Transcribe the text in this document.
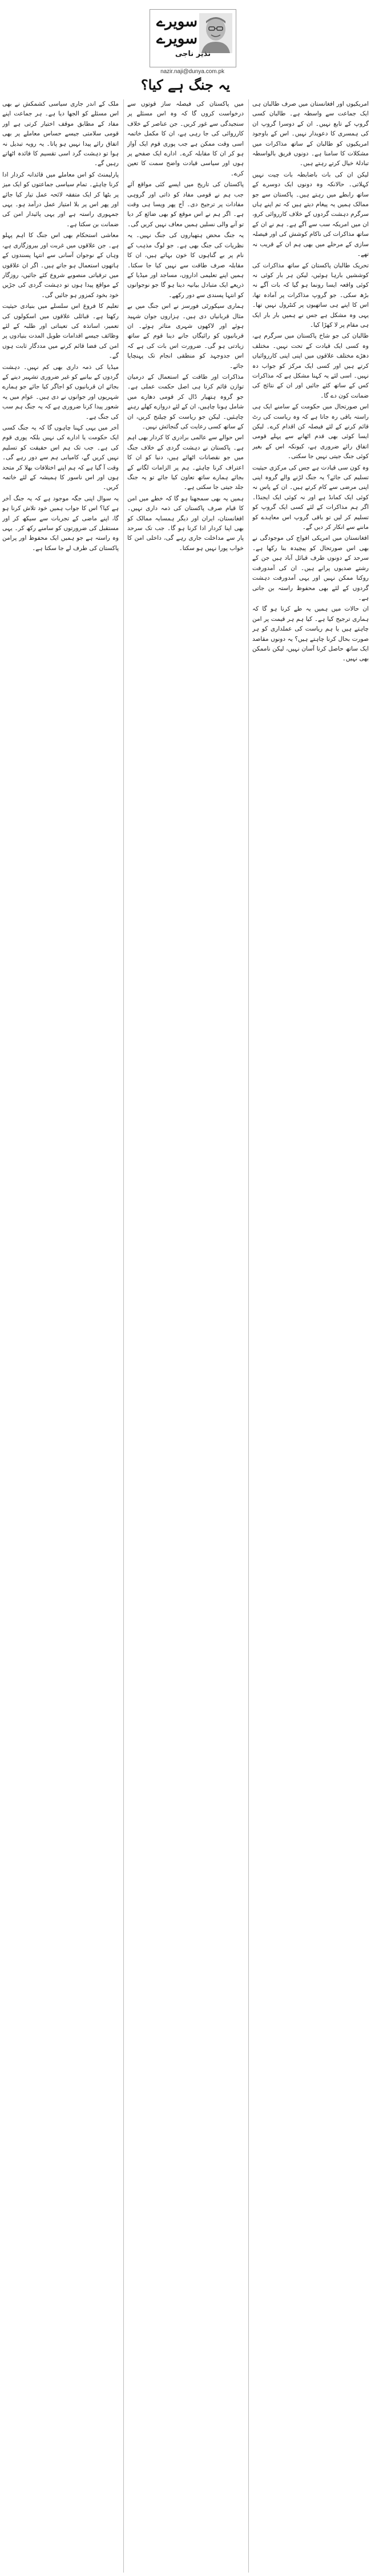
سویرے سویرے
نذیر ناجی
nazir.naji@dunya.com.pk
یہ جنگ ہے کیا؟

امریکیوں اور افغانستان میں صرف طالبان ہی ایک جماعت سے واسطہ ہے۔ طالبان کسی گروپ کے تابع نہیں۔ ان کے دوسرا گروپ ان کی ہمسری کا دعویدار نہیں۔ اس کے باوجود امریکیوں کو طالبان کے ساتھ مذاکرات میں مشکلات کا سامنا ہے۔ دونوں فریق بالواسطہ تبادلۂ خیال کرتے رہتے ہیں۔

لیکن ان کی بات باضابطہ بات چیت نہیں کہلاتی۔ حالانکہ وہ دونوں ایک دوسرے کے ساتھ رابطے میں رہتے ہیں۔ پاکستان سے جو ممالک ہمیں یہ پیغام دیتے ہیں کہ تم اپنے ہاں سرگرم دہشت گردوں کے خلاف کارروائی کرو، ان میں امریکہ سب سے آگے ہے۔ ہم نے ان کے ساتھ مذاکرات کی ناکام کوشش کی اور فیصلہ سازی کے مرحلے میں بھی ہم ان کے قریب نہ تھے۔

تحریک طالبان پاکستان کے ساتھ مذاکرات کی کوششیں بارہا ہوئیں، لیکن ہر بار کوئی نہ کوئی واقعہ ایسا رونما ہو گیا کہ بات آگے نہ بڑھ سکی۔ جو گروپ مذاکرات پر آمادہ تھا، اس کا اپنے ہی ساتھیوں پر کنٹرول نہیں تھا۔ یہی وہ مشکل ہے جس نے ہمیں بار بار ایک ہی مقام پر لا کھڑا کیا۔

طالبان کی جو شاخ پاکستان میں سرگرم ہے، وہ کسی ایک قیادت کے تحت نہیں۔ مختلف دھڑے مختلف علاقوں میں اپنی اپنی کارروائیاں کرتے ہیں اور کسی ایک مرکز کو جواب دہ نہیں۔ اسی لئے یہ کہنا مشکل ہے کہ مذاکرات کس کے ساتھ کئے جائیں اور ان کے نتائج کی ضمانت کون دے گا۔

اس صورتحال میں حکومت کے سامنے ایک ہی راستہ باقی رہ جاتا ہے کہ وہ ریاست کی رٹ قائم کرنے کے لئے فیصلہ کن اقدام کرے۔ لیکن ایسا کوئی بھی قدم اٹھانے سے پہلے قومی اتفاق رائے ضروری ہے، کیونکہ اس کے بغیر کوئی جنگ جیتی نہیں جا سکتی۔

وہ کون سی قیادت ہے جس کی مرکزی حیثیت تسلیم کی جائے؟ یہ جنگ لڑنے والے گروہ اپنی اپنی مرضی سے کام کرتے ہیں۔ ان کے پاس نہ کوئی ایک کمانڈ ہے اور نہ کوئی ایک ایجنڈا۔ اگر ہم مذاکرات کے لئے کسی ایک گروپ کو تسلیم کر لیں تو باقی گروپ اس معاہدے کو ماننے سے انکار کر دیں گے۔

افغانستان میں امریکی افواج کی موجودگی نے بھی اس صورتحال کو پیچیدہ بنا رکھا ہے۔ سرحد کے دونوں طرف قبائل آباد ہیں جن کے رشتے صدیوں پرانے ہیں۔ ان کی آمدورفت روکنا ممکن نہیں اور یہی آمدورفت دہشت گردوں کے لئے بھی محفوظ راستہ بن جاتی ہے۔

ان حالات میں ہمیں یہ طے کرنا ہو گا کہ ہماری ترجیح کیا ہے۔ کیا ہم ہر قیمت پر امن چاہتے ہیں یا ہم ریاست کی عملداری کو ہر صورت بحال کرنا چاہتے ہیں؟ یہ دونوں مقاصد ایک ساتھ حاصل کرنا آسان نہیں، لیکن ناممکن بھی نہیں۔

میں پاکستان کی فیصلہ ساز قوتوں سے درخواست کروں گا کہ وہ اس مسئلے پر سنجیدگی سے غور کریں۔ جن عناصر کے خلاف کارروائی کی جا رہی ہے، ان کا مکمل خاتمہ اسی وقت ممکن ہے جب پوری قوم ایک آواز ہو کر ان کا مقابلہ کرے۔ ادارے ایک صفحے پر ہوں اور سیاسی قیادت واضح سمت کا تعین کرے۔

پاکستان کی تاریخ میں ایسے کئی مواقع آئے جب ہم نے قومی مفاد کو ذاتی اور گروہی مفادات پر ترجیح دی۔ آج پھر ویسا ہی وقت ہے۔ اگر ہم نے اس موقع کو بھی ضائع کر دیا تو آنے والی نسلیں ہمیں معاف نہیں کریں گی۔

یہ جنگ محض ہتھیاروں کی جنگ نہیں۔ یہ نظریات کی جنگ بھی ہے۔ جو لوگ مذہب کے نام پر بے گناہوں کا خون بہاتے ہیں، ان کا مقابلہ صرف طاقت سے نہیں کیا جا سکتا۔ ہمیں اپنے تعلیمی اداروں، مساجد اور میڈیا کے ذریعے ایک متبادل بیانیہ دینا ہو گا جو نوجوانوں کو انتہا پسندی سے دور رکھے۔

ہماری سیکورٹی فورسز نے اس جنگ میں بے مثال قربانیاں دی ہیں۔ ہزاروں جوان شہید ہوئے اور لاکھوں شہری متاثر ہوئے۔ ان قربانیوں کو رائیگاں جانے دینا قوم کے ساتھ زیادتی ہو گی۔ ضرورت اس بات کی ہے کہ اس جدوجہد کو منطقی انجام تک پہنچایا جائے۔

مذاکرات اور طاقت کے استعمال کے درمیان توازن قائم کرنا ہی اصل حکمت عملی ہے۔ جو گروہ ہتھیار ڈال کر قومی دھارے میں شامل ہونا چاہیں، ان کے لئے دروازے کھلے رہنے چاہئیں۔ لیکن جو ریاست کو چیلنج کریں، ان کے ساتھ کسی رعایت کی گنجائش نہیں۔

اس حوالے سے عالمی برادری کا کردار بھی اہم ہے۔ پاکستان نے دہشت گردی کے خلاف جنگ میں جو نقصانات اٹھائے ہیں، دنیا کو ان کا اعتراف کرنا چاہئے۔ ہم پر الزامات لگانے کے بجائے ہمارے ساتھ تعاون کیا جائے تو یہ جنگ جلد جیتی جا سکتی ہے۔

ہمیں یہ بھی سمجھنا ہو گا کہ خطے میں امن کا قیام صرف پاکستان کی ذمہ داری نہیں۔ افغانستان، ایران اور دیگر ہمسایہ ممالک کو بھی اپنا کردار ادا کرنا ہو گا۔ جب تک سرحد پار سے مداخلت جاری رہے گی، داخلی امن کا خواب پورا نہیں ہو سکتا۔

ملک کے اندر جاری سیاسی کشمکش نے بھی اس مسئلے کو الجھا دیا ہے۔ ہر جماعت اپنے مفاد کے مطابق موقف اختیار کرتی ہے اور قومی سلامتی جیسے حساس معاملے پر بھی اتفاق رائے پیدا نہیں ہو پاتا۔ یہ رویہ تبدیل نہ ہوا تو دہشت گرد اسی تقسیم کا فائدہ اٹھاتے رہیں گے۔

پارلیمنٹ کو اس معاملے میں قائدانہ کردار ادا کرنا چاہئے۔ تمام سیاسی جماعتوں کو ایک میز پر بٹھا کر ایک متفقہ لائحہ عمل تیار کیا جائے اور پھر اس پر بلا امتیاز عمل درآمد ہو۔ یہی جمہوری راستہ ہے اور یہی پائیدار امن کی ضمانت بن سکتا ہے۔

معاشی استحکام بھی اس جنگ کا اہم پہلو ہے۔ جن علاقوں میں غربت اور بیروزگاری ہے، وہاں کے نوجوان آسانی سے انتہا پسندوں کے ہاتھوں استعمال ہو جاتے ہیں۔ اگر ان علاقوں میں ترقیاتی منصوبے شروع کئے جائیں، روزگار کے مواقع پیدا ہوں تو دہشت گردی کی جڑیں خود بخود کمزور ہو جائیں گی۔

تعلیم کا فروغ اس سلسلے میں بنیادی حیثیت رکھتا ہے۔ قبائلی علاقوں میں اسکولوں کی تعمیر، اساتذہ کی تعیناتی اور طلبہ کے لئے وظائف جیسے اقدامات طویل المدت بنیادوں پر امن کی فضا قائم کرنے میں مددگار ثابت ہوں گے۔

میڈیا کی ذمہ داری بھی کم نہیں۔ دہشت گردوں کے بیانیے کو غیر ضروری تشہیر دینے کے بجائے ان قربانیوں کو اجاگر کیا جائے جو ہمارے شہریوں اور جوانوں نے دی ہیں۔ عوام میں یہ شعور پیدا کرنا ضروری ہے کہ یہ جنگ ہم سب کی جنگ ہے۔

آخر میں یہی کہنا چاہوں گا کہ یہ جنگ کسی ایک حکومت یا ادارے کی نہیں بلکہ پوری قوم کی ہے۔ جب تک ہم اس حقیقت کو تسلیم نہیں کریں گے، کامیابی ہم سے دور رہے گی۔ وقت آ گیا ہے کہ ہم اپنے اختلافات بھلا کر متحد ہوں اور اس ناسور کا ہمیشہ کے لئے خاتمہ کریں۔

یہ سوال اپنی جگہ موجود ہے کہ یہ جنگ آخر ہے کیا؟ اس کا جواب ہمیں خود تلاش کرنا ہو گا، اپنے ماضی کے تجربات سے سیکھ کر اور مستقبل کی ضرورتوں کو سامنے رکھ کر۔ یہی وہ راستہ ہے جو ہمیں ایک محفوظ اور پرامن پاکستان کی طرف لے جا سکتا ہے۔
